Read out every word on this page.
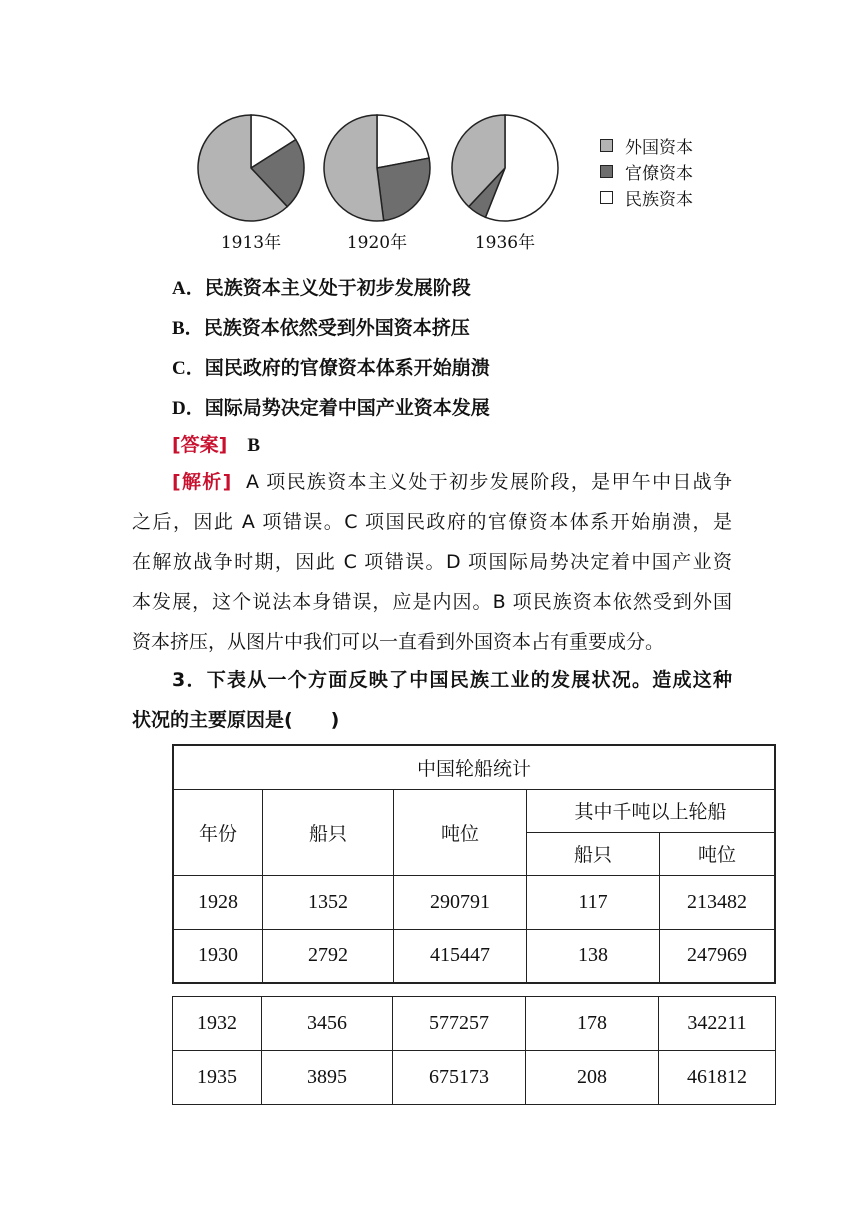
1913年	1920年	1936年
外国资本
官僚资本
民族资本
A．民族资本主义处于初步发展阶段
B．民族资本依然受到外国资本挤压
C．国民政府的官僚资本体系开始崩溃
D．国际局势决定着中国产业资本发展
[答案] B
[解析] A 项民族资本主义处于初步发展阶段，是甲午中日战争
之后，因此 A 项错误。C 项国民政府的官僚资本体系开始崩溃，是
在解放战争时期，因此 C 项错误。D 项国际局势决定着中国产业资
本发展，这个说法本身错误，应是内因。B 项民族资本依然受到外国
资本挤压，从图片中我们可以一直看到外国资本占有重要成分。
3．下表从一个方面反映了中国民族工业的发展状况。造成这种
状况的主要原因是(　　)
中国轮船统计				
年份	船只	吨位	其中千吨以上轮船	
			船只	吨位
1928	1352	290791	117	213482
1930	2792	415447	138	247969
1932	3456	577257	178	342211
1935	3895	675173	208	461812
